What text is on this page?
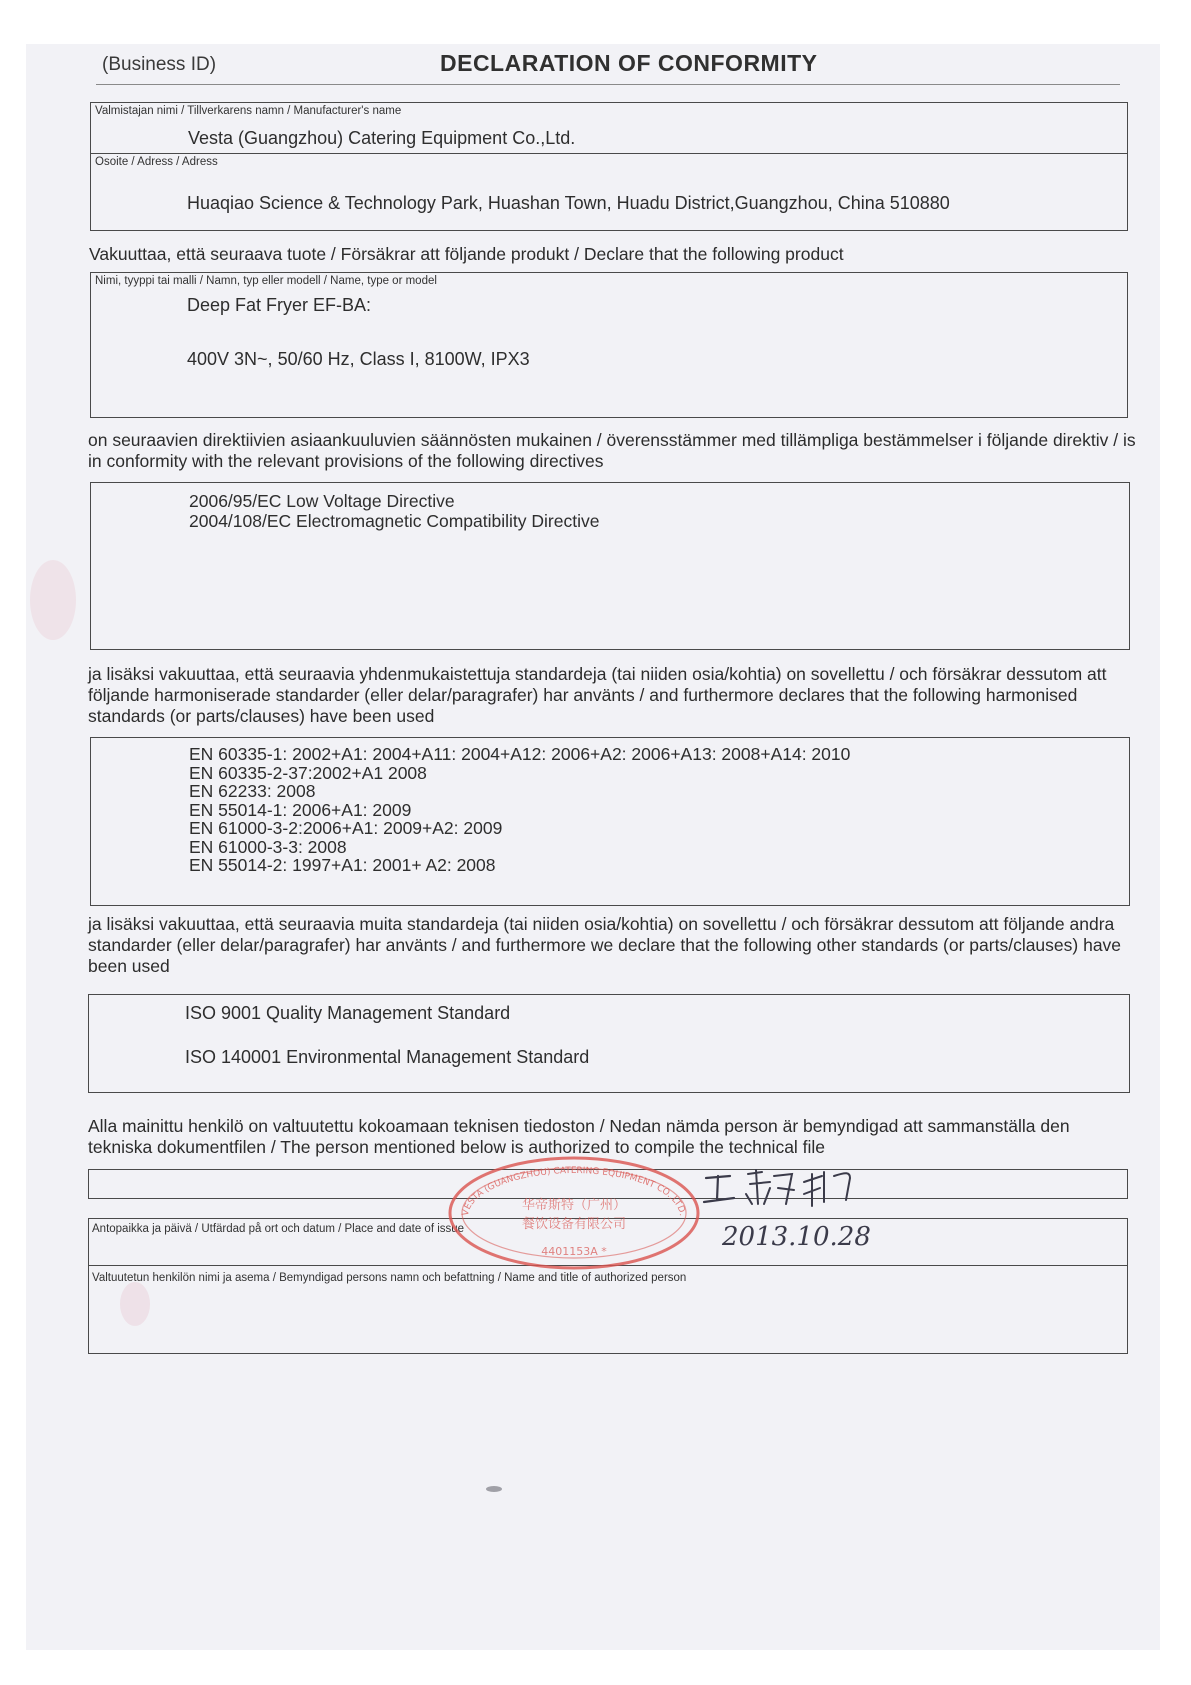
(Business ID)	DECLARATION OF CONFORMITY
Valmistajan nimi / Tillverkarens namn / Manufacturer's name
Vesta (Guangzhou) Catering Equipment Co.,Ltd.
Osoite / Adress / Adress
Huaqiao Science & Technology Park, Huashan Town, Huadu District,Guangzhou, China 510880
Vakuuttaa, että seuraava tuote / Försäkrar att följande produkt / Declare that the following product
Nimi, tyyppi tai malli / Namn, typ eller modell / Name, type or model
Deep Fat Fryer EF-BA:
400V 3N~, 50/60 Hz, Class I, 8100W, IPX3
on seuraavien direktiivien asiaankuuluvien säännösten mukainen / överensstämmer med tillämpliga bestämmelser i följande direktiv / is in conformity with the relevant provisions of the following directives
2006/95/EC Low Voltage Directive
2004/108/EC Electromagnetic Compatibility Directive
ja lisäksi vakuuttaa, että seuraavia yhdenmukaistettuja standardeja (tai niiden osia/kohtia) on sovellettu / och försäkrar dessutom att följande harmoniserade standarder (eller delar/paragrafer) har använts / and furthermore declares that the following harmonised standards (or parts/clauses) have been used
EN 60335-1: 2002+A1: 2004+A11: 2004+A12: 2006+A2: 2006+A13: 2008+A14: 2010
EN 60335-2-37:2002+A1 2008
EN 62233: 2008
EN 55014-1: 2006+A1: 2009
EN 61000-3-2:2006+A1: 2009+A2: 2009
EN 61000-3-3: 2008
EN 55014-2: 1997+A1: 2001+ A2: 2008
ja lisäksi vakuuttaa, että seuraavia muita standardeja (tai niiden osia/kohtia) on sovellettu / och försäkrar dessutom att följande andra standarder (eller delar/paragrafer) har använts / and furthermore we declare that the following other standards (or parts/clauses) have been used
ISO 9001 Quality Management Standard
ISO 140001 Environmental Management Standard
Alla mainittu henkilö on valtuutettu kokoamaan teknisen tiedoston / Nedan nämda person är bemyndigad att sammanställa den tekniska dokumentfilen / The person mentioned below is authorized to compile the technical file
Antopaikka ja päivä / Utfärdad på ort och datum / Place and date of issue
Valtuutetun henkilön nimi ja asema / Bemyndigad persons namn och befattning / Name and title of authorized person
VESTA (GUANGZHOU) CATERING EQUIPMENT CO.,LTD.
华帝斯特（广州）
餐饮设备有限公司
4401153A *	2013.10.28
